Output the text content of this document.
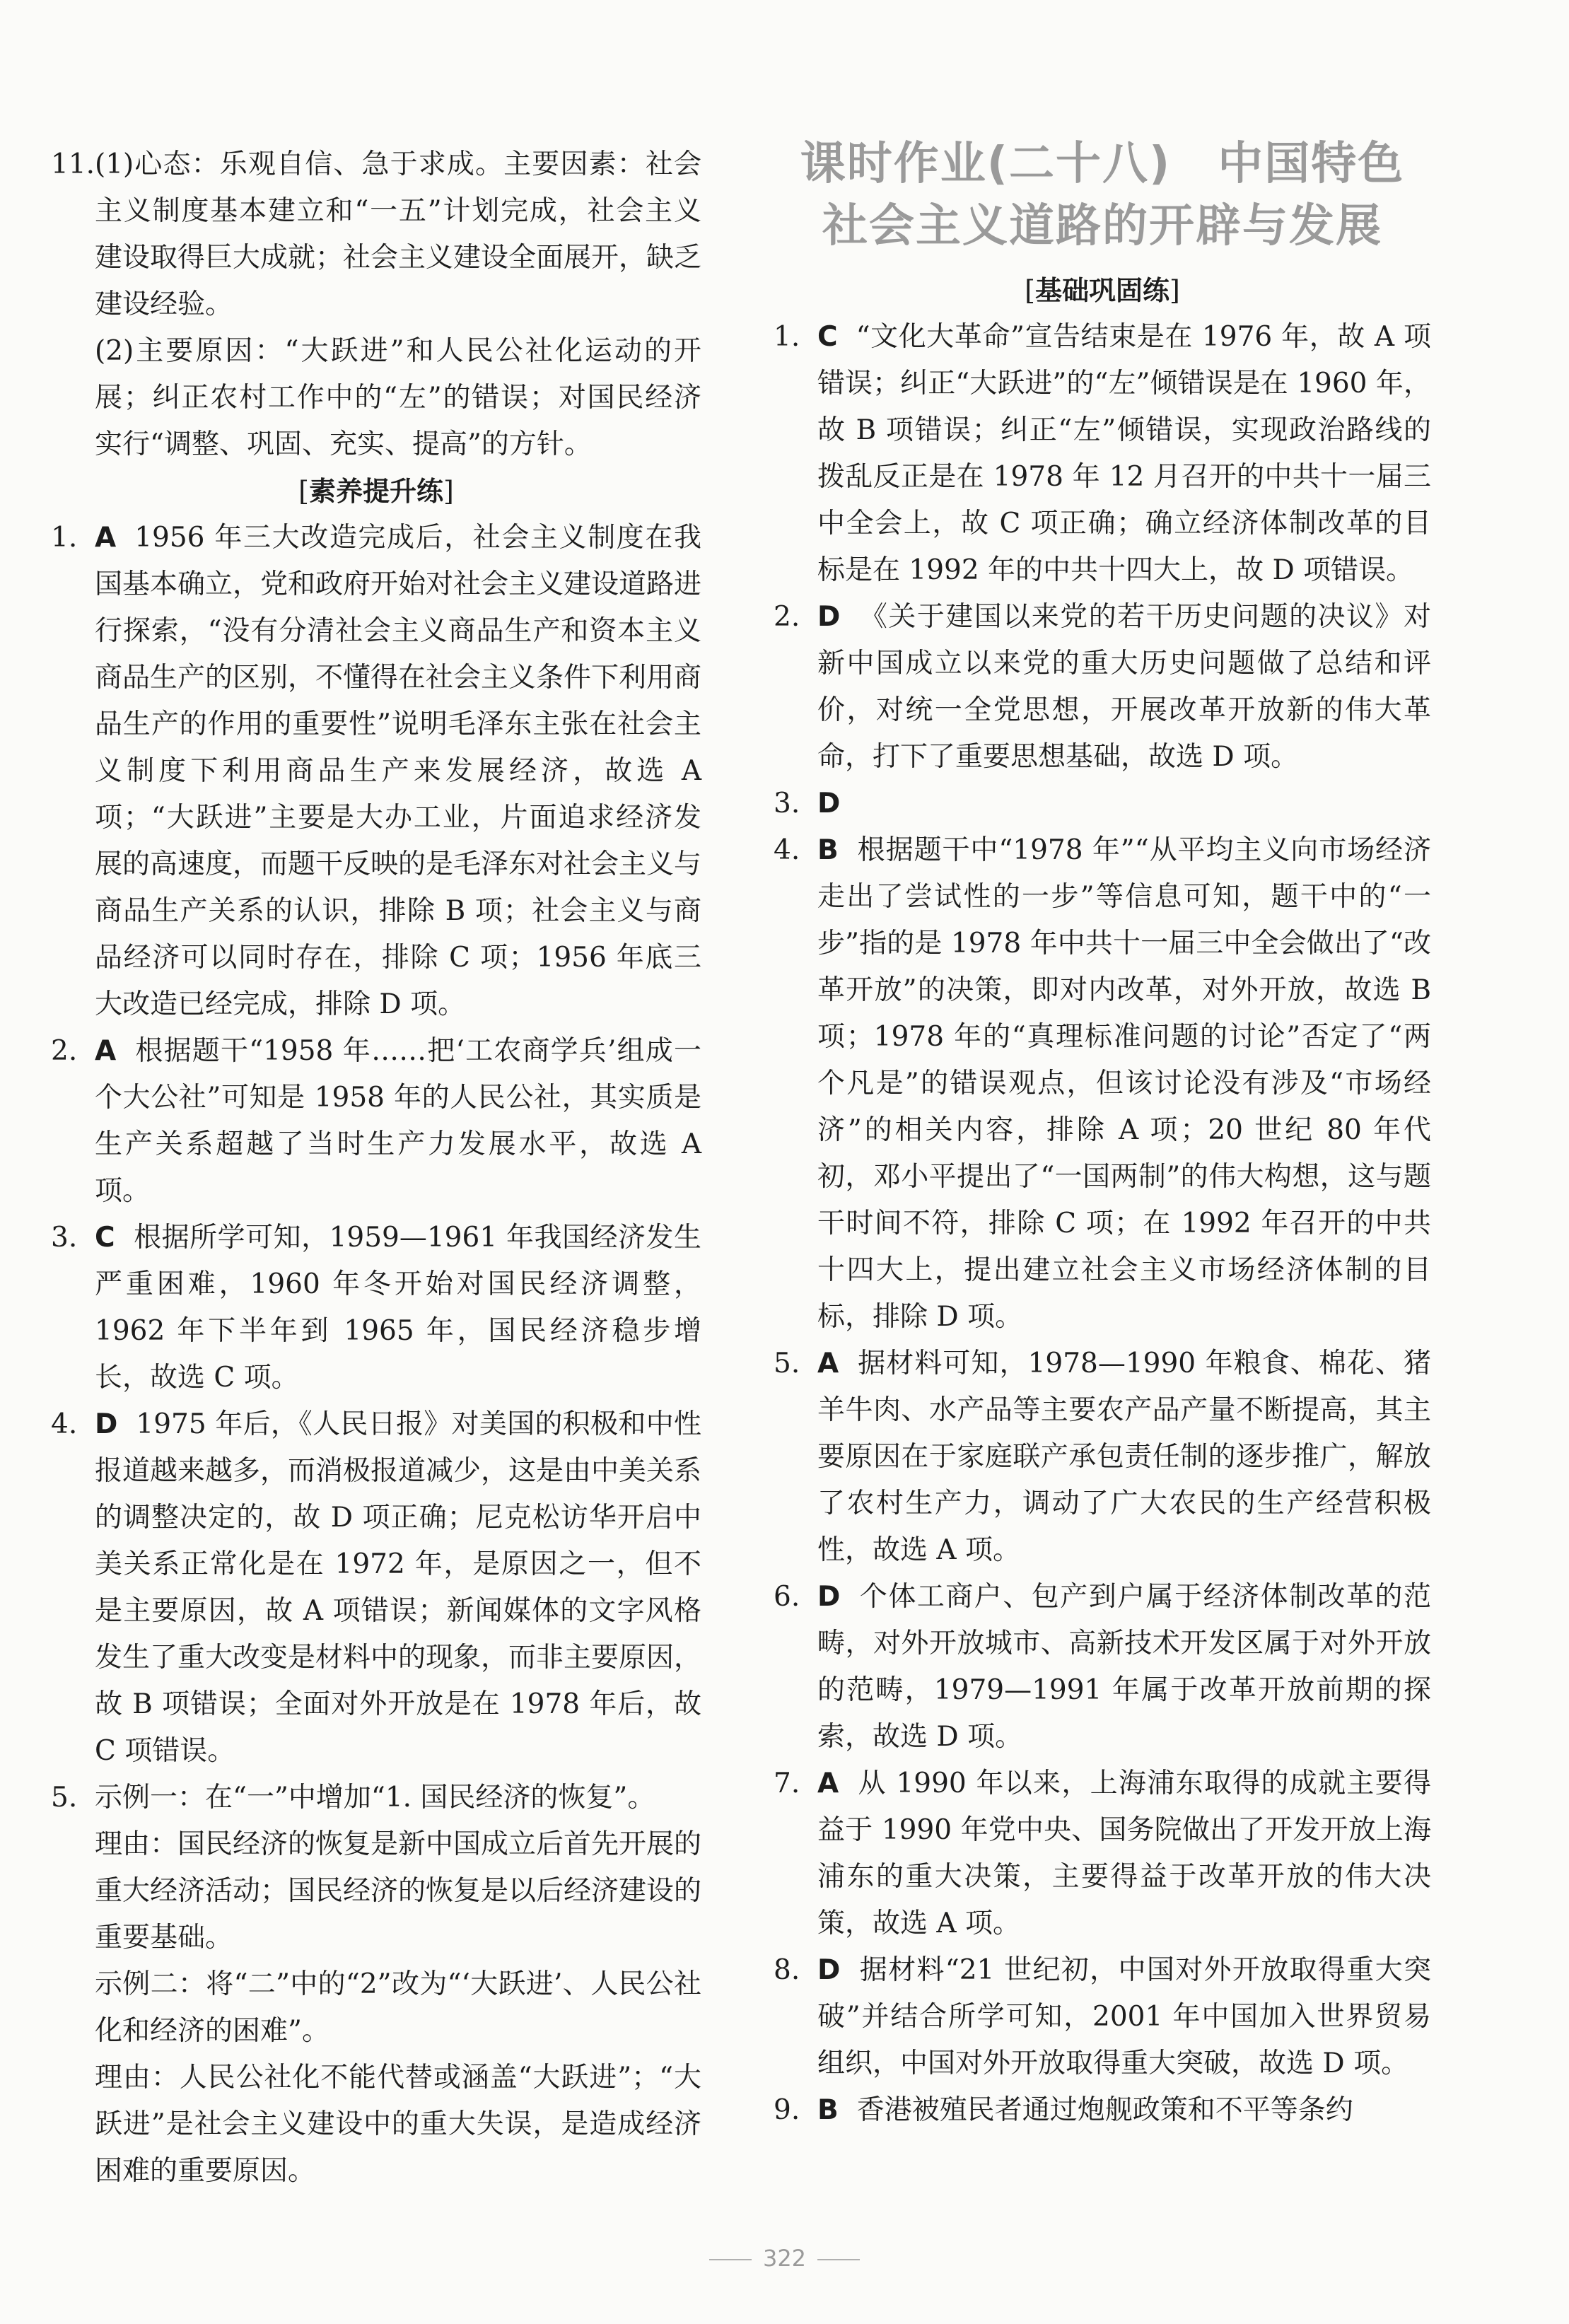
11. (1)心态：乐观自信、急于求成。主要因素：社会主义制度基本建立和“一五”计划完成，社会主义建设取得巨大成就；社会主义建设全面展开，缺乏建设经验。

(2)主要原因：“大跃进”和人民公社化运动的开展；纠正农村工作中的“左”的错误；对国民经济实行“调整、巩固、充实、提高”的方针。

[素养提升练]

1. A 1956 年三大改造完成后，社会主义制度在我国基本确立，党和政府开始对社会主义建设道路进行探索，“没有分清社会主义商品生产和资本主义商品生产的区别，不懂得在社会主义条件下利用商品生产的作用的重要性”说明毛泽东主张在社会主义制度下利用商品生产来发展经济，故选 A 项；“大跃进”主要是大办工业，片面追求经济发展的高速度，而题干反映的是毛泽东对社会主义与商品生产关系的认识，排除 B 项；社会主义与商品经济可以同时存在，排除 C 项；1956 年底三大改造已经完成，排除 D 项。
2. A 根据题干“1958 年……把‘工农商学兵’组成一个大公社”可知是 1958 年的人民公社，其实质是生产关系超越了当时生产力发展水平，故选 A 项。
3. C 根据所学可知，1959—1961 年我国经济发生严重困难，1960 年冬开始对国民经济调整，1962 年下半年到 1965 年，国民经济稳步增长，故选 C 项。
4. D 1975 年后，《人民日报》对美国的积极和中性报道越来越多，而消极报道减少，这是由中美关系的调整决定的，故 D 项正确；尼克松访华开启中美关系正常化是在 1972 年，是原因之一，但不是主要原因，故 A 项错误；新闻媒体的文字风格发生了重大改变是材料中的现象，而非主要原因，故 B 项错误；全面对外开放是在 1978 年后，故 C 项错误。
5. 示例一：在“一”中增加“1. 国民经济的恢复”。

理由：国民经济的恢复是新中国成立后首先开展的重大经济活动；国民经济的恢复是以后经济建设的重要基础。

示例二：将“二”中的“2”改为“‘大跃进’、人民公社化和经济的困难”。

理由：人民公社化不能代替或涵盖“大跃进”；“大跃进”是社会主义建设中的重大失误，是造成经济困难的重要原因。

课时作业(二十八)　中国特色

社会主义道路的开辟与发展

[基础巩固练]

1. C “文化大革命”宣告结束是在 1976 年，故 A 项错误；纠正“大跃进”的“左”倾错误是在 1960 年，故 B 项错误；纠正“左”倾错误，实现政治路线的拨乱反正是在 1978 年 12 月召开的中共十一届三中全会上，故 C 项正确；确立经济体制改革的目标是在 1992 年的中共十四大上，故 D 项错误。
2. D 《关于建国以来党的若干历史问题的决议》对新中国成立以来党的重大历史问题做了总结和评价，对统一全党思想，开展改革开放新的伟大革命，打下了重要思想基础，故选 D 项。
3. D
4. B 根据题干中“1978 年”“从平均主义向市场经济走出了尝试性的一步”等信息可知，题干中的“一步”指的是 1978 年中共十一届三中全会做出了“改革开放”的决策，即对内改革，对外开放，故选 B 项；1978 年的“真理标准问题的讨论”否定了“两个凡是”的错误观点，但该讨论没有涉及“市场经济”的相关内容，排除 A 项；20 世纪 80 年代初，邓小平提出了“一国两制”的伟大构想，这与题干时间不符，排除 C 项；在 1992 年召开的中共十四大上，提出建立社会主义市场经济体制的目标，排除 D 项。
5. A 据材料可知，1978—1990 年粮食、棉花、猪羊牛肉、水产品等主要农产品产量不断提高，其主要原因在于家庭联产承包责任制的逐步推广，解放了农村生产力，调动了广大农民的生产经营积极性，故选 A 项。
6. D 个体工商户、包产到户属于经济体制改革的范畴，对外开放城市、高新技术开发区属于对外开放的范畴，1979—1991 年属于改革开放前期的探索，故选 D 项。
7. A 从 1990 年以来，上海浦东取得的成就主要得益于 1990 年党中央、国务院做出了开发开放上海浦东的重大决策，主要得益于改革开放的伟大决策，故选 A 项。
8. D 据材料“21 世纪初，中国对外开放取得重大突破”并结合所学可知，2001 年中国加入世界贸易组织，中国对外开放取得重大突破，故选 D 项。
9. B 香港被殖民者通过炮舰政策和不平等条约
322
